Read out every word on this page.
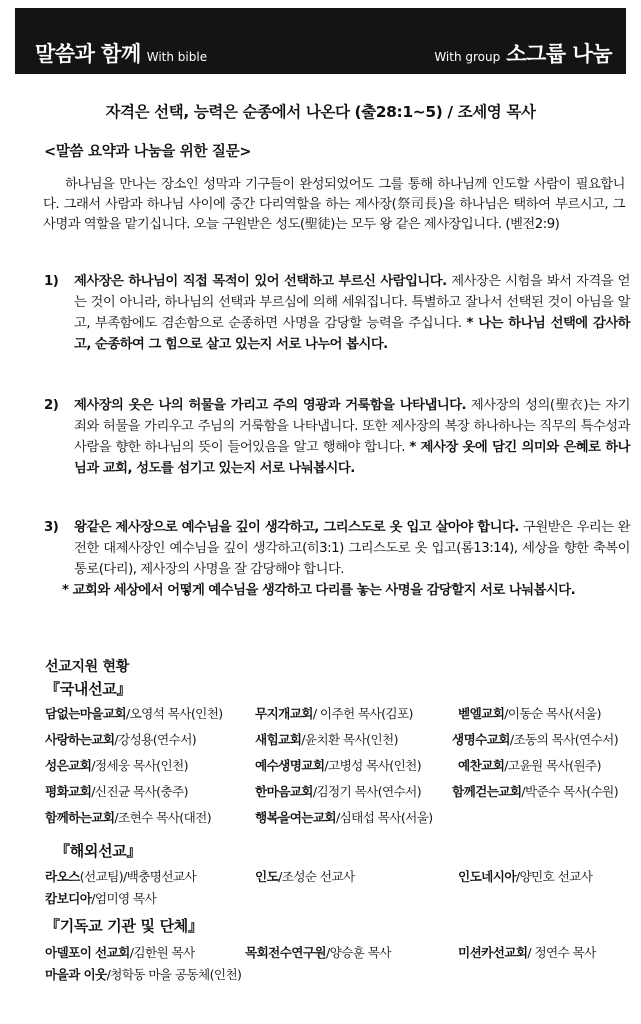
말씀과 함께 With bible	With group 소그룹 나눔
자격은 선택, 능력은 순종에서 나온다 (출28:1~5) / 조세영 목사
<말씀 요약과 나눔을 위한 질문>
하나님을 만나는 장소인 성막과 기구들이 완성되었어도 그를 통해 하나님께 인도할 사람이 필요합니다. 그래서 사람과 하나님 사이에 중간 다리역할을 하는 제사장(祭司長)을 하나님은 택하여 부르시고, 그 사명과 역할을 맡기십니다. 오늘 구원받은 성도(聖徒)는 모두 왕 같은 제사장입니다. (벧전2:9)
1) 제사장은 하나님이 직접 목적이 있어 선택하고 부르신 사람입니다. 제사장은 시험을 봐서 자격을 얻는 것이 아니라, 하나님의 선택과 부르심에 의해 세워집니다. 특별하고 잘나서 선택된 것이 아님을 알고, 부족함에도 겸손함으로 순종하면 사명을 감당할 능력을 주십니다. * 나는 하나님 선택에 감사하고, 순종하여 그 힘으로 살고 있는지 서로 나누어 봅시다.
2) 제사장의 옷은 나의 허물을 가리고 주의 영광과 거룩함을 나타냅니다. 제사장의 성의(聖衣)는 자기 죄와 허물을 가리우고 주님의 거룩함을 나타냅니다. 또한 제사장의 복장 하나하나는 직무의 특수성과 사람을 향한 하나님의 뜻이 들어있음을 알고 행해야 합니다. * 제사장 옷에 담긴 의미와 은혜로 하나님과 교회, 성도를 섬기고 있는지 서로 나눠봅시다.
3) 왕같은 제사장으로 예수님을 깊이 생각하고, 그리스도로 옷 입고 살아야 합니다. 구원받은 우리는 완전한 대제사장인 예수님을 깊이 생각하고(히3:1) 그리스도로 옷 입고(롬13:14), 세상을 향한 축복이 통로(다리), 제사장의 사명을 잘 감당해야 합니다.
* 교회와 세상에서 어떻게 예수님을 생각하고 다리를 놓는 사명을 감당할지 서로 나눠봅시다.
선교지원 현황
『국내선교』
담없는마을교회/오영석 목사(인천)	무지개교회/ 이주헌 목사(김포)	벧엘교회/이동순 목사(서울)
사랑하는교회/강성용(연수서)	새힘교회/윤치환 목사(인천)	생명수교회/조동의 목사(연수서)
성은교회/정세웅 목사(인천)	예수생명교회/고병성 목사(인천)	예찬교회/고윤원 목사(원주)
평화교회/신진균 목사(충주)	한마음교회/김정기 목사(연수서) 함께걷는교회/박준수 목사(수원)
함께하는교회/조현수 목사(대전)	행복을여는교회/심태섭 목사(서울)
『해외선교』
라오스(선교팀)/백충명선교사	인도/조성순 선교사	인도네시아/양민호 선교사
캄보디아/엄미영 목사
『기독교 기관 및 단체』
아델포이 선교회/김한원 목사	목회전수연구원/양승훈 목사	미션카선교회/ 정연수 목사
마을과 이웃/청학동 마을 공동체(인천)
